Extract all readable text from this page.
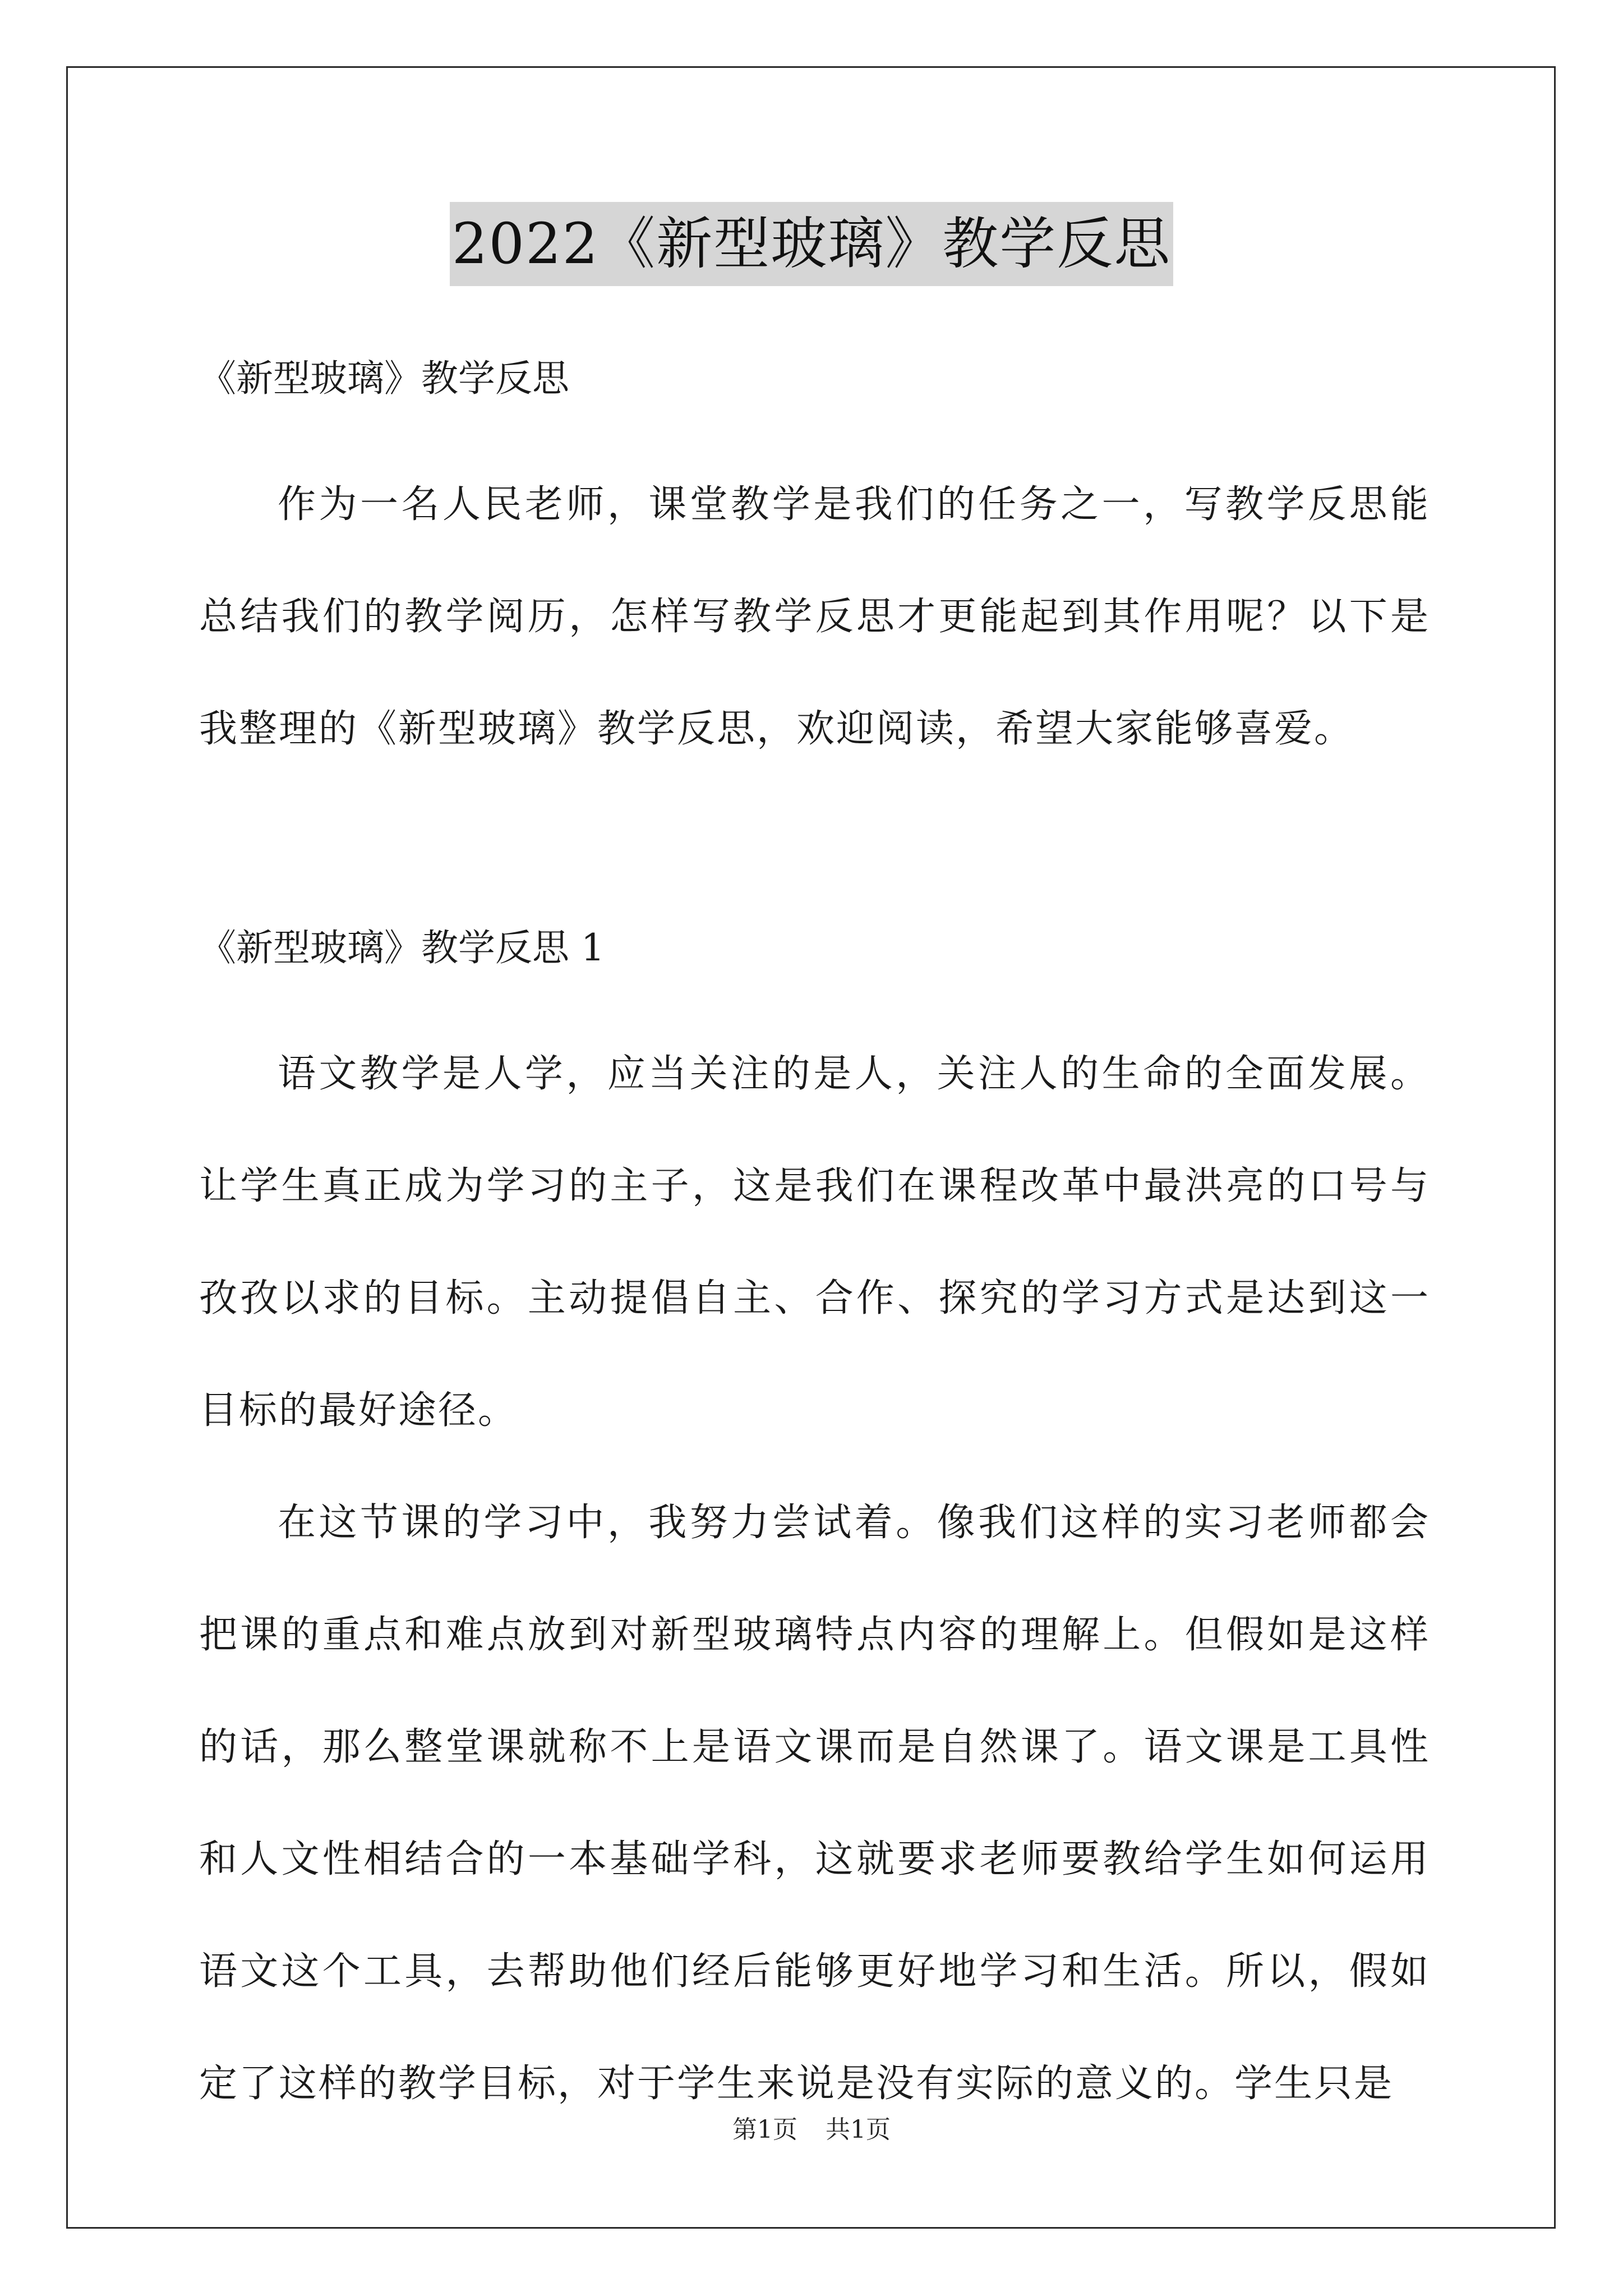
2022《新型玻璃》教学反思

《新型玻璃》教学反思

作为一名人民老师，课堂教学是我们的任务之一，写教学反思能总结我们的教学阅历，怎样写教学反思才更能起到其作用呢？以下是我整理的《新型玻璃》教学反思，欢迎阅读，希望大家能够喜爱。

《新型玻璃》教学反思 1

语文教学是人学，应当关注的是人，关注人的生命的全面发展。让学生真正成为学习的主子，这是我们在课程改革中最洪亮的口号与孜孜以求的目标。主动提倡自主、合作、探究的学习方式是达到这一目标的最好途径。

在这节课的学习中，我努力尝试着。像我们这样的实习老师都会把课的重点和难点放到对新型玻璃特点内容的理解上。但假如是这样的话，那么整堂课就称不上是语文课而是自然课了。语文课是工具性和人文性相结合的一本基础学科，这就要求老师要教给学生如何运用语文这个工具，去帮助他们经后能够更好地学习和生活。所以，假如定了这样的教学目标，对于学生来说是没有实际的意义的。学生只是

第1页 共1页
